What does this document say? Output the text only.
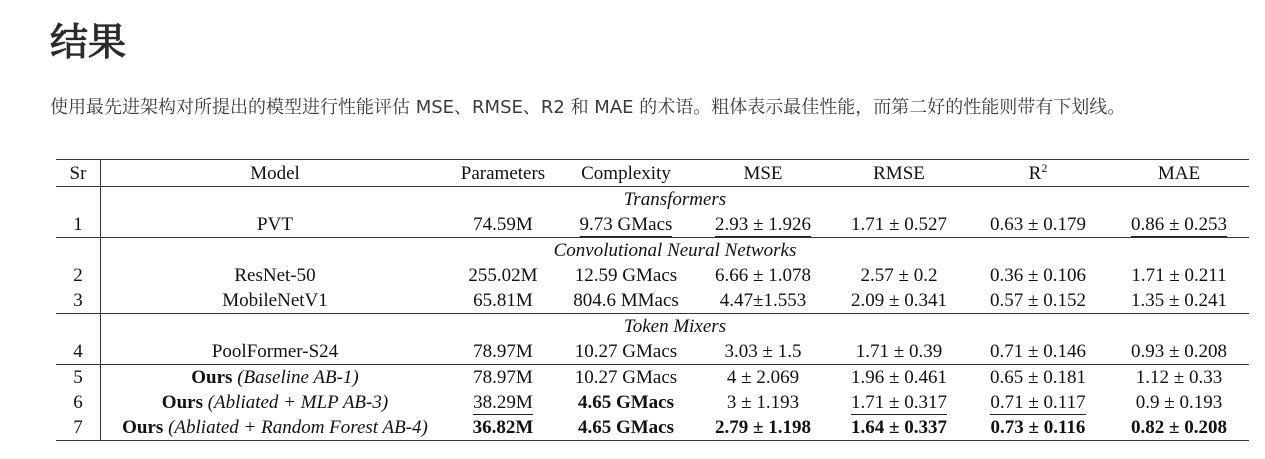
结果

使用最先进架构对所提出的模型进行性能评估 MSE、RMSE、R2 和 MAE 的术语。粗体表示最佳性能，而第二好的性能则带有下划线。

Sr	Model	Parameters	Complexity	MSE	RMSE	$R^2$	MAE
	Transformers						
1	PVT	74.59M	9.73 GMacs	2.93 ± 1.926	1.71 ± 0.527	0.63 ± 0.179	0.86 ± 0.253
	Convolutional Neural Networks						
2	ResNet-50	255.02M	12.59 GMacs	6.66 ± 1.078	2.57 ± 0.2	0.36 ± 0.106	1.71 ± 0.211
3	MobileNetV1	65.81M	804.6 MMacs	4.47±1.553	2.09 ± 0.341	0.57 ± 0.152	1.35 ± 0.241
	Token Mixers						
4	PoolFormer-S24	78.97M	10.27 GMacs	3.03 ± 1.5	1.71 ± 0.39	0.71 ± 0.146	0.93 ± 0.208
5	Ours (Baseline AB-1)	78.97M	10.27 GMacs	4 ± 2.069	1.96 ± 0.461	0.65 ± 0.181	1.12 ± 0.33
6	Ours (Abliated + MLP AB-3)	38.29M	4.65 GMacs	3 ± 1.193	1.71 ± 0.317	0.71 ± 0.117	0.9 ± 0.193
7	Ours (Abliated + Random Forest AB-4)	36.82M	4.65 GMacs	2.79 ± 1.198	1.64 ± 0.337	0.73 ± 0.116	0.82 ± 0.208
